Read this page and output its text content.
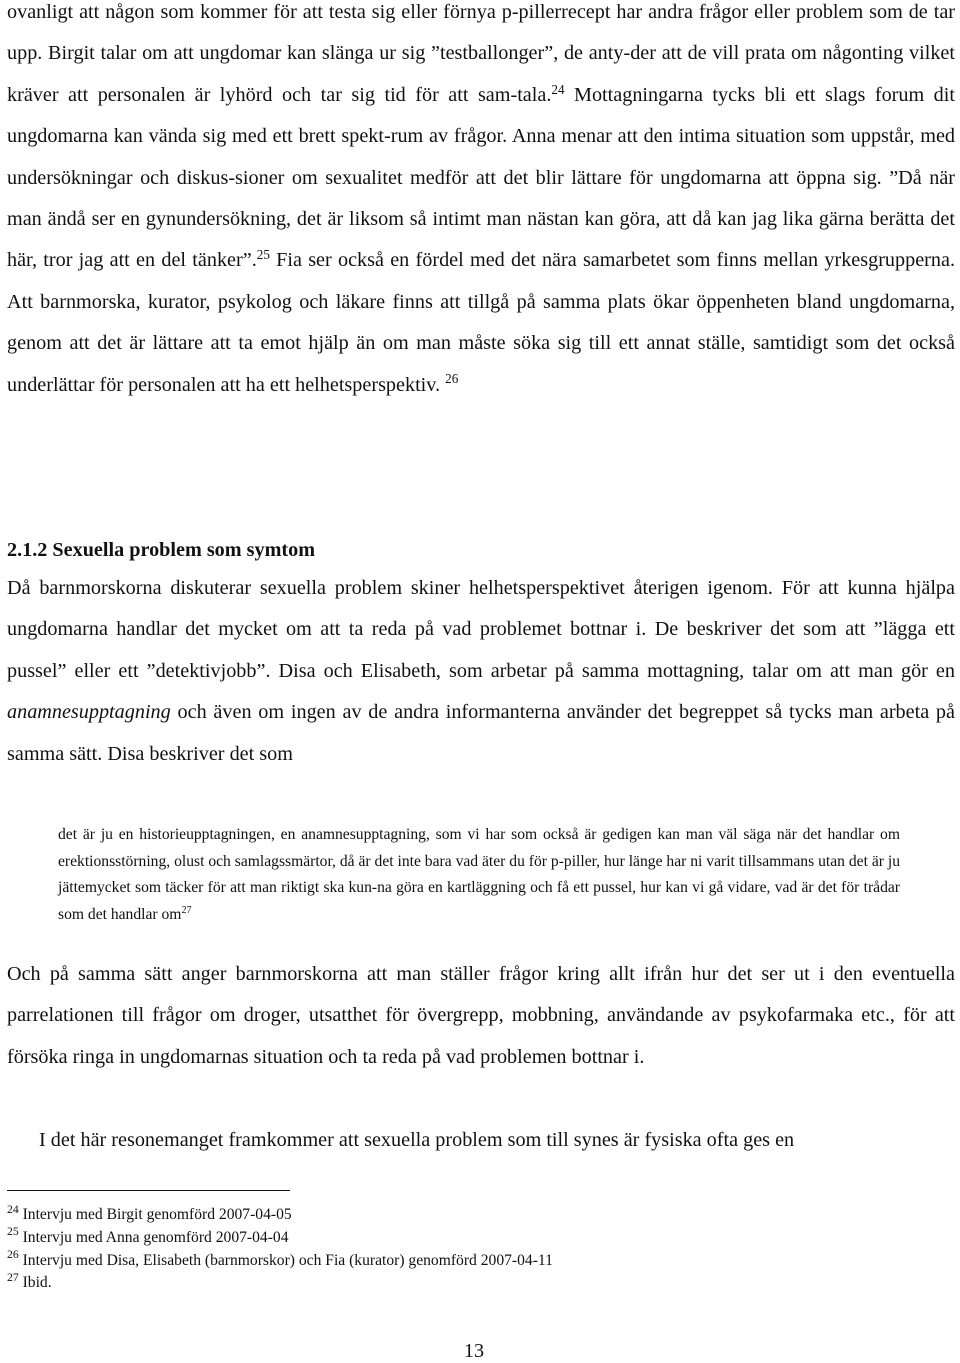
ovanligt att någon som kommer för att testa sig eller förnya p-pillerrecept har andra frågor eller problem som de tar upp. Birgit talar om att ungdomar kan slänga ur sig ”testballonger”, de anty-der att de vill prata om någonting vilket kräver att personalen är lyhörd och tar sig tid för att sam-tala.$^{24}$ Mottagningarna tycks bli ett slags forum dit ungdomarna kan vända sig med ett brett spekt-rum av frågor. Anna menar att den intima situation som uppstår, med undersökningar och diskus-sioner om sexualitet medför att det blir lättare för ungdomarna att öppna sig. ”Då när man ändå ser en gynundersökning, det är liksom så intimt man nästan kan göra, att då kan jag lika gärna berätta det här, tror jag att en del tänker”.$^{25}$ Fia ser också en fördel med det nära samarbetet som finns mellan yrkesgrupperna. Att barnmorska, kurator, psykolog och läkare finns att tillgå på samma plats ökar öppenheten bland ungdomarna, genom att det är lättare att ta emot hjälp än om man måste söka sig till ett annat ställe, samtidigt som det också underlättar för personalen att ha ett helhetsperspektiv. $^{26}$

2.1.2 Sexuella problem som symtom

Då barnmorskorna diskuterar sexuella problem skiner helhetsperspektivet återigen igenom. För att kunna hjälpa ungdomarna handlar det mycket om att ta reda på vad problemet bottnar i. De beskriver det som att ”lägga ett pussel” eller ett ”detektivjobb”. Disa och Elisabeth, som arbetar på samma mottagning, talar om att man gör en anamnesupptagning och även om ingen av de andra informanterna använder det begreppet så tycks man arbeta på samma sätt. Disa beskriver det som

det är ju en historieupptagningen, en anamnesupptagning, som vi har som också är gedigen kan man väl säga när det handlar om erektionsstörning, olust och samlagssmärtor, då är det inte bara vad äter du för p-piller, hur länge har ni varit tillsammans utan det är ju jättemycket som täcker för att man riktigt ska kun-na göra en kartläggning och få ett pussel, hur kan vi gå vidare, vad är det för trådar som det handlar $om^{27}$

Och på samma sätt anger barnmorskorna att man ställer frågor kring allt ifrån hur det ser ut i den eventuella parrelationen till frågor om droger, utsatthet för övergrepp, mobbning, användande av psykofarmaka etc., för att försöka ringa in ungdomarnas situation och ta reda på vad problemen bottnar i.

I det här resonemanget framkommer att sexuella problem som till synes är fysiska ofta ges en

$^{24}$ Intervju med Birgit genomförd 2007-04-05

$^{25}$ Intervju med Anna genomförd 2007-04-04

$^{26}$ Intervju med Disa, Elisabeth (barnmorskor) och Fia (kurator) genomförd 2007-04-11

$^{27}$ Ibid.

13
